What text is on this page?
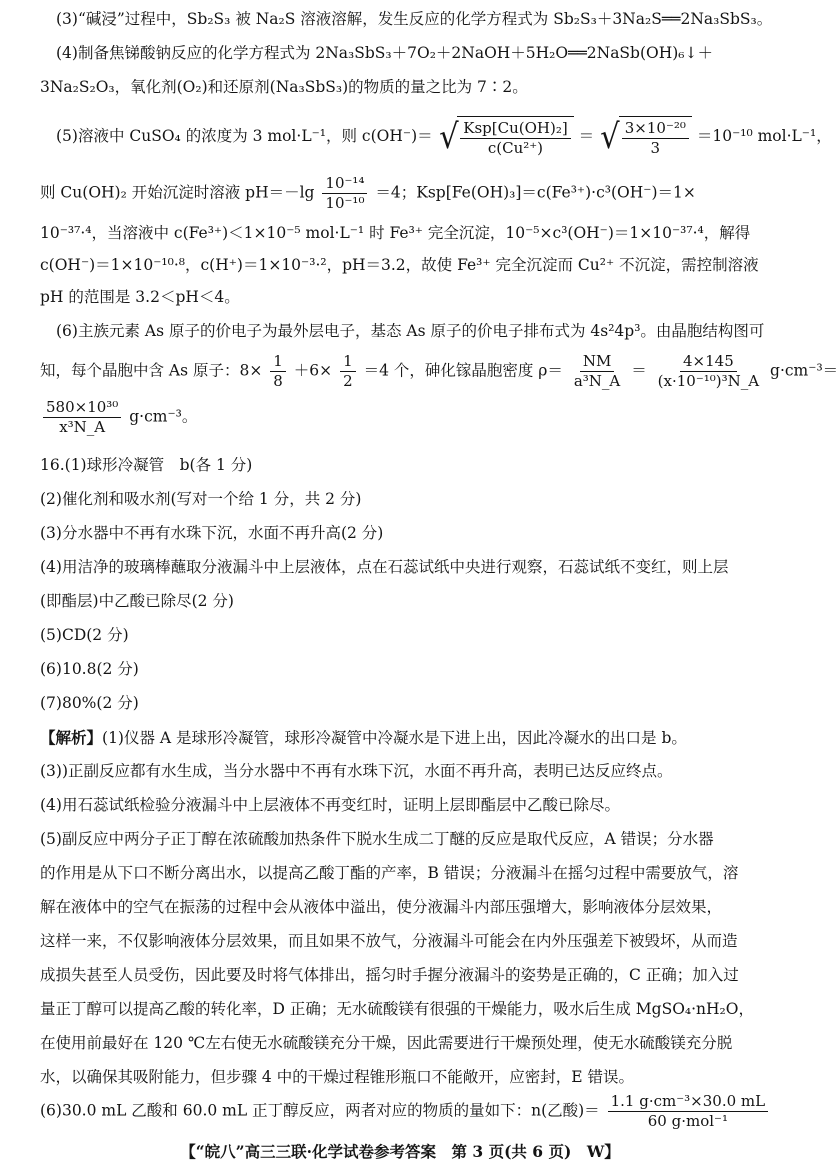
(3)“碱浸”过程中，Sb₂S₃ 被 Na₂S 溶液溶解，发生反应的化学方程式为 Sb₂S₃＋3Na₂S══2Na₃SbS₃。
(4)制备焦锑酸钠反应的化学方程式为 2Na₃SbS₃＋7O₂＋2NaOH＋5H₂O══2NaSb(OH)₆↓＋
3Na₂S₂O₃，氧化剂(O₂)和还原剂(Na₃SbS₃)的物质的量之比为 7∶2。
(5)溶液中 CuSO₄ 的浓度为 3 mol·L⁻¹，则 c(OH⁻)＝ √ $\frac{\text{Ksp[Cu(OH)₂]}}{\text{c(Cu²⁺)}}$ ＝ √ $\frac{\text{3×10⁻²⁰}}{3} =10^{-10}$ mol·L⁻¹，
则 Cu(OH)₂ 开始沉淀时溶液 $pH=-\lg \frac{\text{10⁻¹⁴}}{\text{10⁻¹⁰}} =4$；Ksp[Fe(OH)₃]＝c(Fe³⁺)·c³(OH⁻)＝1×
10⁻³⁷·⁴，当溶液中 c(Fe³⁺)＜1×10⁻⁵ mol·L⁻¹ 时 Fe³⁺ 完全沉淀，10⁻⁵×c³(OH⁻)＝1×10⁻³⁷·⁴，解得
c(OH⁻)＝1×10⁻¹⁰·⁸，c(H⁺)＝1×10⁻³·²，pH＝3.2，故使 Fe³⁺ 完全沉淀而 Cu²⁺ 不沉淀，需控制溶液
pH 的范围是 3.2＜pH＜4。
(6)主族元素 As 原子的价电子为最外层电子，基态 As 原子的价电子排布式为 4s²4p³。由晶胞结构图可
知，每个晶胞中含 As 原子：$8\times \frac{1}{8} +6\times \frac{1}{2} =4$ 个，砷化镓晶胞密度 $\rho= \frac{NM}{\text{a³N\_A}} = \frac{4\times 145}{\text{(x·10⁻¹⁰)³N\_A}} g\cdot cm^{-3}=$
$\frac{\text{580×10³⁰}}{\text{x³N\_A}} g\cdot cm^{-3}$。
16.(1)球形冷凝管　b(各 1 分)
(2)催化剂和吸水剂(写对一个给 1 分，共 2 分)
(3)分水器中不再有水珠下沉，水面不再升高(2 分)
(4)用洁净的玻璃棒蘸取分液漏斗中上层液体，点在石蕊试纸中央进行观察，石蕊试纸不变红，则上层
(即酯层)中乙酸已除尽(2 分)
(5)CD(2 分)
(6)10.8(2 分)
(7)80%(2 分)
【解析】(1)仪器 A 是球形冷凝管，球形冷凝管中冷凝水是下进上出，因此冷凝水的出口是 b。
(3))正副反应都有水生成，当分水器中不再有水珠下沉，水面不再升高，表明已达反应终点。
(4)用石蕊试纸检验分液漏斗中上层液体不再变红时，证明上层即酯层中乙酸已除尽。
(5)副反应中两分子正丁醇在浓硫酸加热条件下脱水生成二丁醚的反应是取代反应，A 错误；分水器
的作用是从下口不断分离出水，以提高乙酸丁酯的产率，B 错误；分液漏斗在摇匀过程中需要放气，溶
解在液体中的空气在振荡的过程中会从液体中溢出，使分液漏斗内部压强增大，影响液体分层效果，
这样一来，不仅影响液体分层效果，而且如果不放气，分液漏斗可能会在内外压强差下被毁坏，从而造
成损失甚至人员受伤，因此要及时将气体排出，摇匀时手握分液漏斗的姿势是正确的，C 正确；加入过
量正丁醇可以提高乙酸的转化率，D 正确；无水硫酸镁有很强的干燥能力，吸水后生成 MgSO₄·nH₂O，
在使用前最好在 120 ℃左右使无水硫酸镁充分干燥，因此需要进行干燥预处理，使无水硫酸镁充分脱
水，以确保其吸附能力，但步骤 4 中的干燥过程锥形瓶口不能敞开，应密封，E 错误。
(6)30.0 mL 乙酸和 60.0 mL 正丁醇反应，两者对应的物质的量如下：n(乙酸)＝ $\frac{\text{1.1 g·cm⁻³×30.0 mL}}{\text{60 g·mol⁻¹}}$
【“皖八”高三三联·化学试卷参考答案　第 3 页(共 6 页)　W】
